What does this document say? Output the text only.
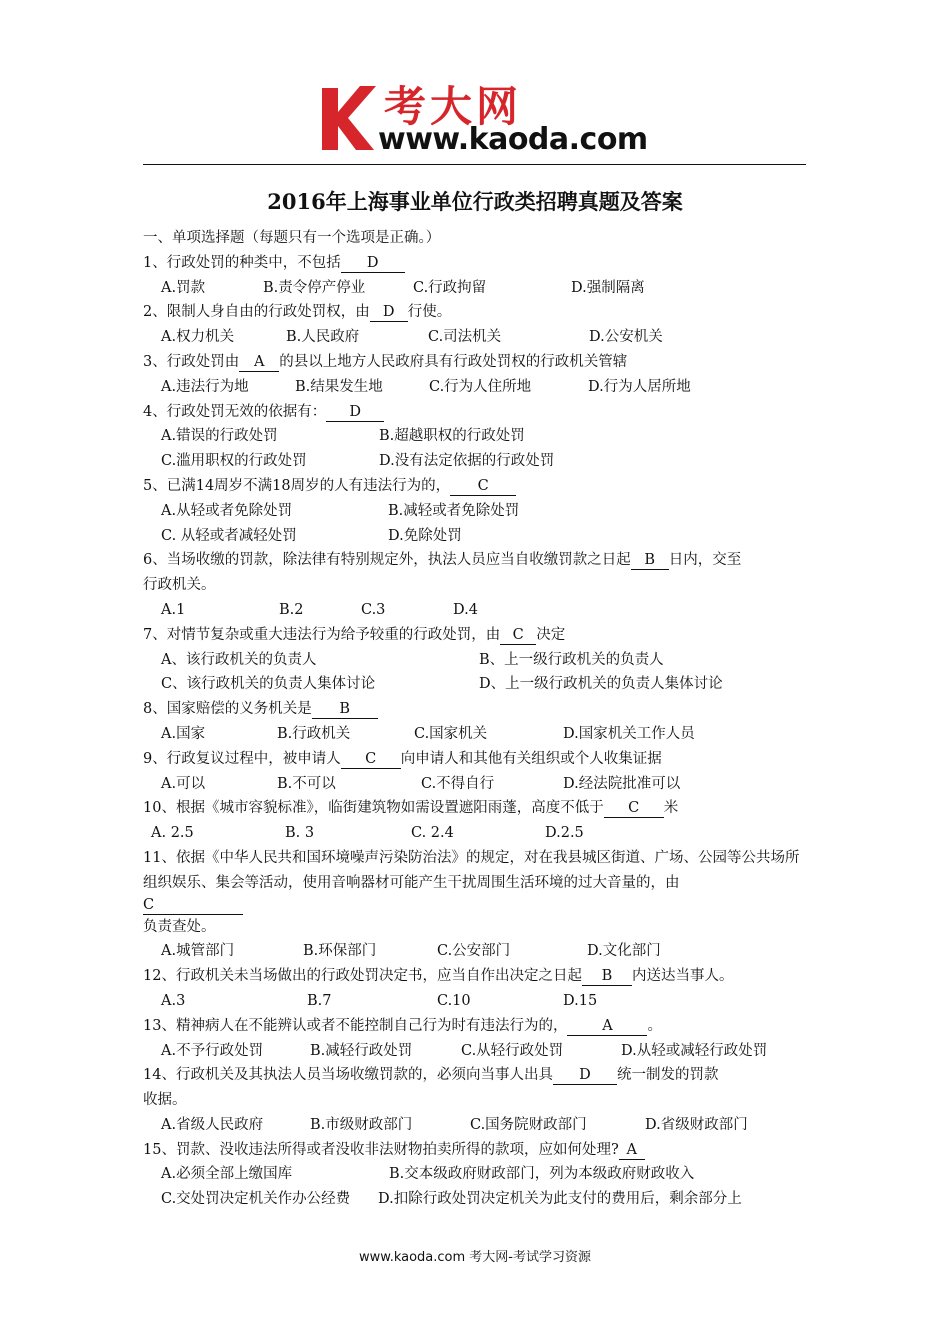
考大网
www.kaoda.com
2016年上海事业单位行政类招聘真题及答案
一、单项选择题（每题只有一个选项是正确。）
1、行政处罚的种类中，不包括 D
A.罚款	B.责令停产停业	C.行政拘留	D.强制隔离
2、限制人身自由的行政处罚权，由 D 行使。
A.权力机关	B.人民政府	C.司法机关	D.公安机关
3、行政处罚由 A 的县以上地方人民政府具有行政处罚权的行政机关管辖
A.违法行为地	B.结果发生地	C.行为人住所地	D.行为人居所地
4、行政处罚无效的依据有： D
A.错误的行政处罚	B.超越职权的行政处罚
C.滥用职权的行政处罚	D.没有法定依据的行政处罚
5、已满14周岁不满18周岁的人有违法行为的， C
A.从轻或者免除处罚	B.减轻或者免除处罚
C. 从轻或者减轻处罚	D.免除处罚
6、当场收缴的罚款，除法律有特别规定外，执法人员应当自收缴罚款之日起 B 日内，交至
行政机关。
A.1	B.2	C.3	D.4
7、对情节复杂或重大违法行为给予较重的行政处罚，由 C 决定
A、该行政机关的负责人	B、上一级行政机关的负责人
C、该行政机关的负责人集体讨论	D、上一级行政机关的负责人集体讨论
8、国家赔偿的义务机关是 B
A.国家	B.行政机关	C.国家机关	D.国家机关工作人员
9、行政复议过程中，被申请人 C 向申请人和其他有关组织或个人收集证据
A.可以	B.不可以	C.不得自行	D.经法院批准可以
10、根据《城市容貌标准》，临街建筑物如需设置遮阳雨蓬，高度不低于 C 米
A. 2.5	B. 3	C. 2.4	D.2.5
11、依据《中华人民共和国环境噪声污染防治法》的规定，对在我县城区街道、广场、公园等公共场所组织娱乐、集会等活动，使用音响器材可能产生干扰周围生活环境的过大音量的，由
C
负责查处。
A.城管部门	B.环保部门	C.公安部门	D.文化部门
12、行政机关未当场做出的行政处罚决定书，应当自作出决定之日起 B 内送达当事人。
A.3	B.7	C.10	D.15
13、精神病人在不能辨认或者不能控制自己行为时有违法行为的， A 。
A.不予行政处罚	B.减轻行政处罚	C.从轻行政处罚	D.从轻或减轻行政处罚
14、行政机关及其执法人员当场收缴罚款的，必须向当事人出具 D 统一制发的罚款
收据。
A.省级人民政府	B.市级财政部门	C.国务院财政部门	D.省级财政部门
15、罚款、没收违法所得或者没收非法财物拍卖所得的款项，应如何处理? A
A.必须全部上缴国库	B.交本级政府财政部门，列为本级政府财政收入
C.交处罚决定机关作办公经费 D.扣除行政处罚决定机关为此支付的费用后，剩余部分上
www.kaoda.com 考大网-考试学习资源
